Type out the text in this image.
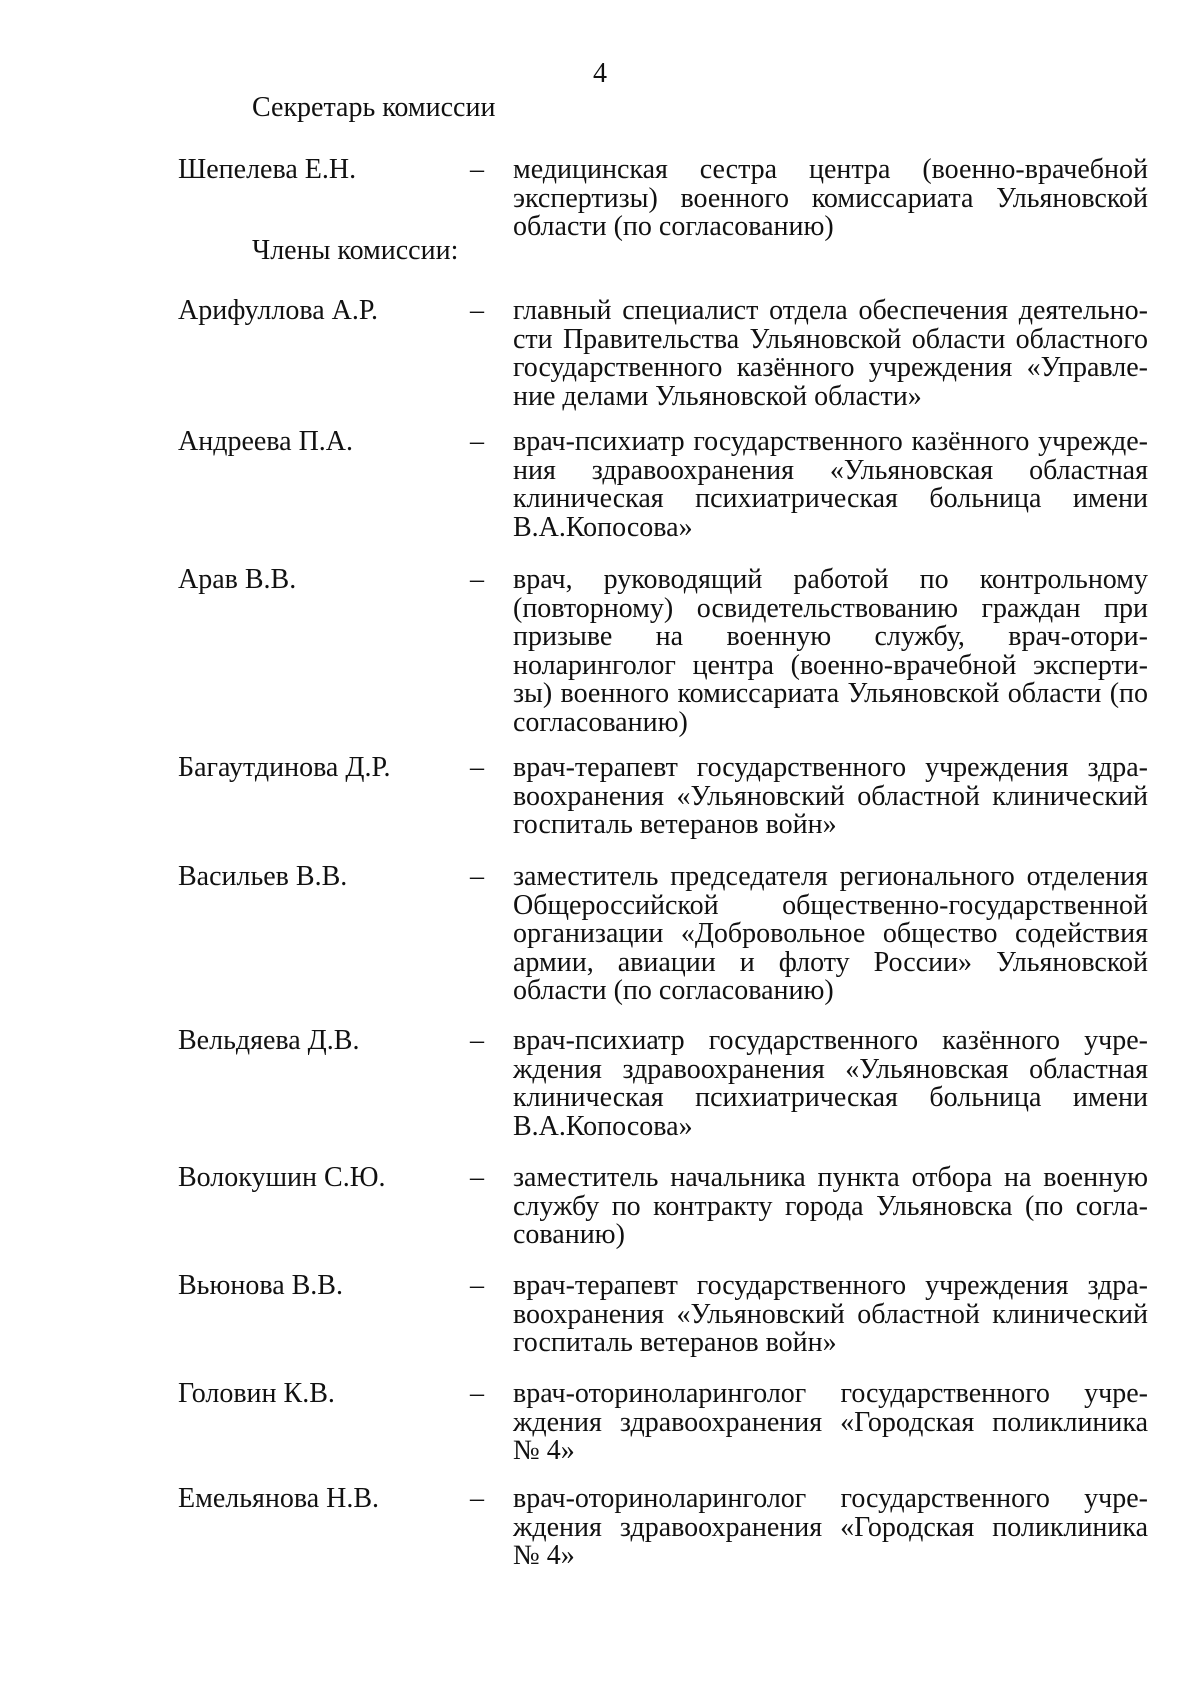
4
Секретарь комиссии
Шепелева Е.Н.	– медицинская сестра центра (военно-врачебной экспертизы) военного комиссариата Ульяновской области (по согласованию)
Члены комиссии:
Арифуллова А.Р.	– главный специалист отдела обеспечения деятельности Правительства Ульяновской области областного государственного казённого учреждения «Управление делами Ульяновской области»
Андреева П.А.	– врач-психиатр государственного казённого учреждения здравоохранения «Ульяновская областная клиническая психиатрическая больница имени В.А.Копосова»
Арав В.В.	– врач, руководящий работой по контрольному (повторному) освидетельствованию граждан при призыве на военную службу, врач-оториноларинголог центра (военно-врачебной экспертизы) военного комиссариата Ульяновской области (по согласованию)
Багаутдинова Д.Р.	– врач-терапевт государственного учреждения здравоохранения «Ульяновский областной клинический госпиталь ветеранов войн»
Васильев В.В.	– заместитель председателя регионального отделения Общероссийской общественно-государственной организации «Добровольное общество содействия армии, авиации и флоту России» Ульяновской области (по согласованию)
Вельдяева Д.В.	– врач-психиатр государственного казённого учреждения здравоохранения «Ульяновская областная клиническая психиатрическая больница имени В.А.Копосова»
Волокушин С.Ю.	– заместитель начальника пункта отбора на военную службу по контракту города Ульяновска (по согласованию)
Вьюнова В.В.	– врач-терапевт государственного учреждения здравоохранения «Ульяновский областной клинический госпиталь ветеранов войн»
Головин К.В.	– врач-оториноларинголог государственного учреждения здравоохранения «Городская поликлиника № 4»
Емельянова Н.В.	– врач-оториноларинголог государственного учреждения здравоохранения «Городская поликлиника № 4»
